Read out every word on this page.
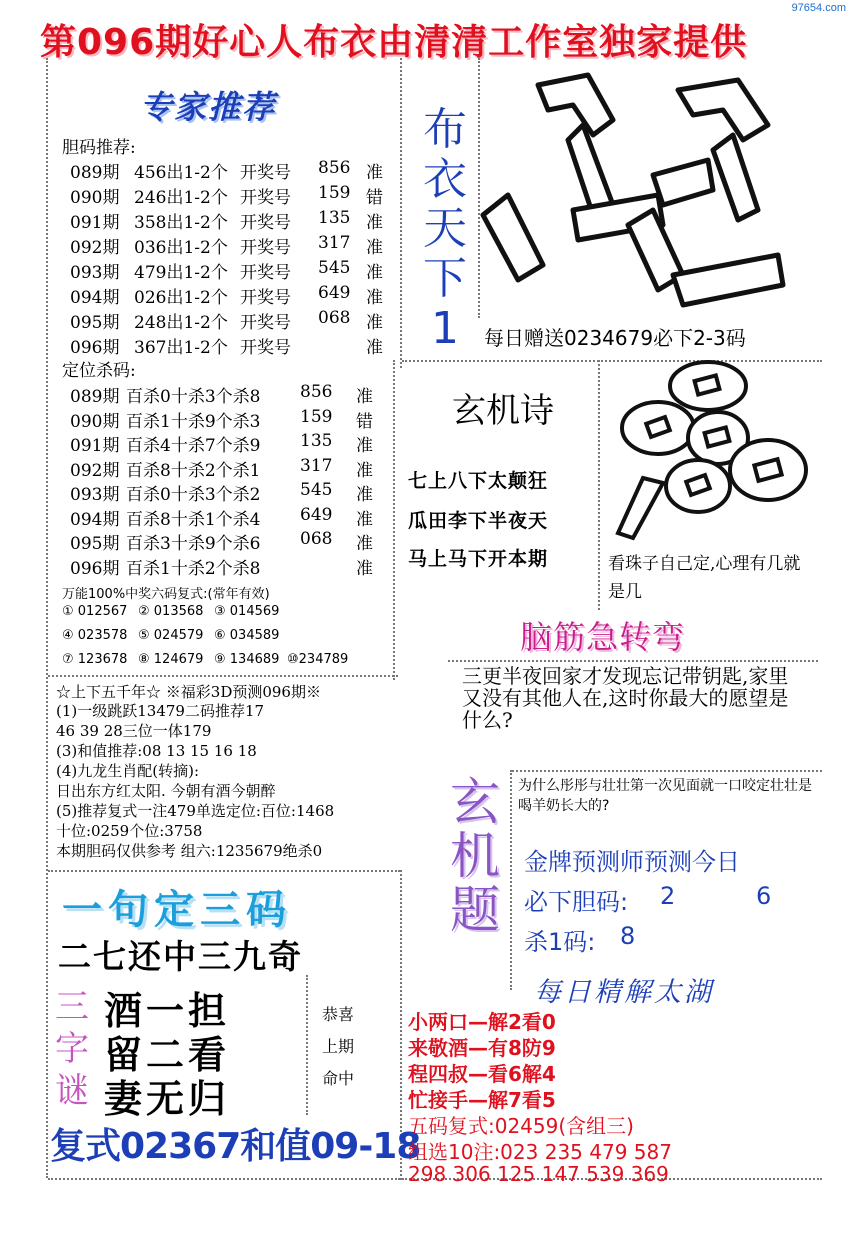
97654.com
第096期好心人布衣由清清工作室独家提供
专家推荐
胆码推荐:
089期 456出1-2个 开奖号 856 准
090期 246出1-2个 开奖号 159 错
091期 358出1-2个 开奖号 135 准
092期 036出1-2个 开奖号 317 准
093期 479出1-2个 开奖号 545 准
094期 026出1-2个 开奖号 649 准
095期 248出1-2个 开奖号 068 准
096期 367出1-2个 开奖号	准
定位杀码:
089期 百杀0十杀3个杀8 856 准
090期 百杀1十杀9个杀3 159 错
091期 百杀4十杀7个杀9 135 准
092期 百杀8十杀2个杀1 317 准
093期 百杀0十杀3个杀2 545 准
094期 百杀8十杀1个杀4 649 准
095期 百杀3十杀9个杀6 068 准
096期 百杀1十杀2个杀8	准
布
衣
天
下
1	每日赠送0234679必下2-3码
玄机诗
七上八下太颠狂
瓜田李下半夜天
马上马下开本期	看珠子自己定,心理有几就是几
万能100%中奖六码复式:(常年有效)
① 012567 ② 013568 ③ 014569
④ 023578 ⑤ 024579 ⑥ 034589
⑦ 123678 ⑧ 124679 ⑨ 134689 ⑩234789
☆上下五千年☆ ※福彩3D预测096期※
(1)一级跳跃13479二码推荐17
46 39 28三位一体179
(3)和值推荐:08 13 15 16 18
(4)九龙生肖配(转摘):
日出东方红太阳. 今朝有酒今朝醉
(5)推荐复式一注479单选定位:百位:1468
十位:0259个位:3758
本期胆码仅供参考 组六:1235679绝杀0
脑筋急转弯
三更半夜回家才发现忘记带钥匙,家里又没有其他人在,这时你最大的愿望是什么?
玄
机
题
为什么彤彤与壮壮第一次见面就一口咬定壮壮是喝羊奶长大的?
金牌预测师预测今日
必下胆码: 2	6
杀1码: 8
一句定三码
二七还中三九奇
三
字
谜
酒一担
留二看
妻无归
恭喜
上期
命中
复式02367和值09-18
每日精解太湖
小两口—解2看0
来敬酒—有8防9
程四叔—看6解4
忙接手—解7看5
五码复式:02459(含组三)
组选10注:023 235 479 587
298 306 125 147 539 369
